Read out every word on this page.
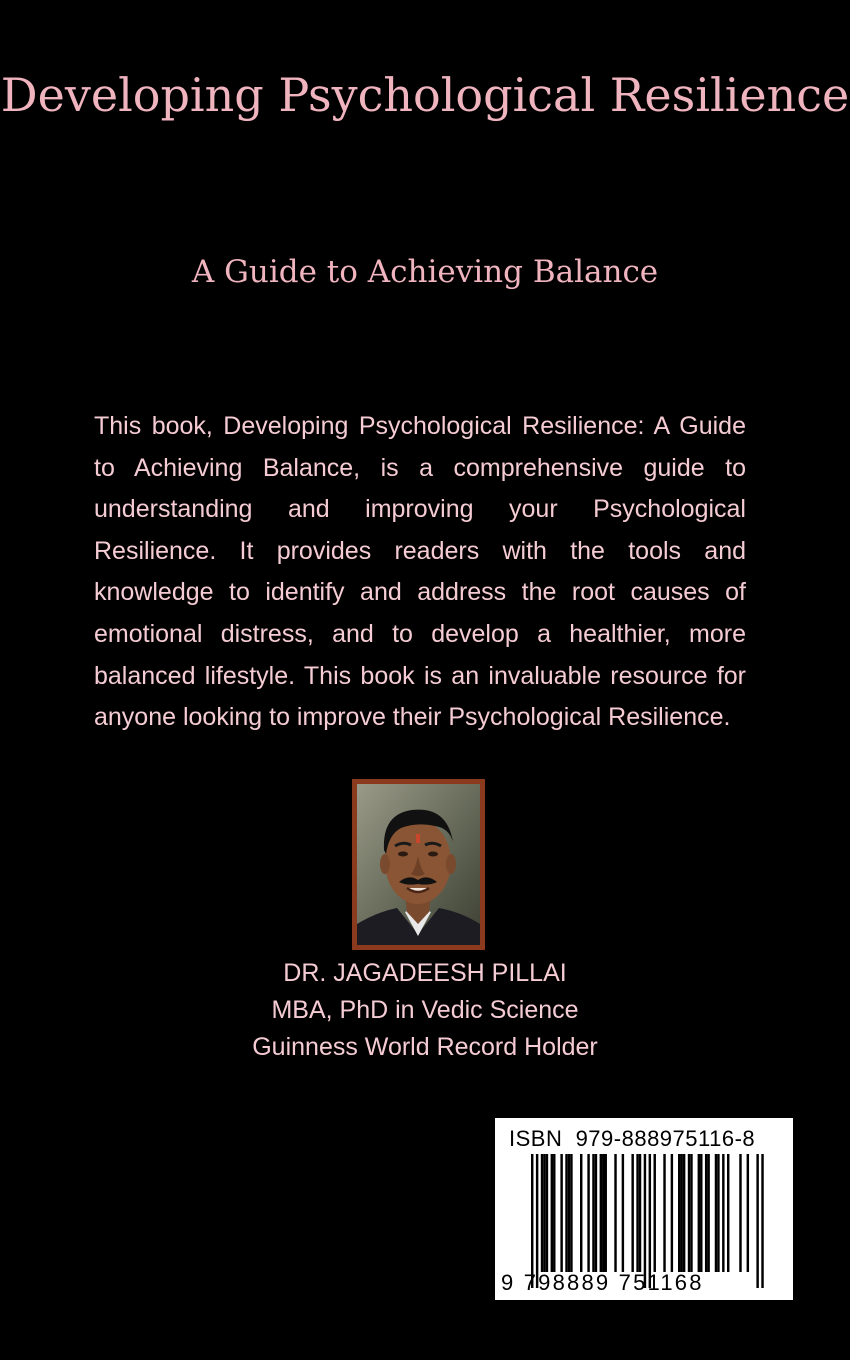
Developing Psychological Resilience
A Guide to Achieving Balance

This book, Developing Psychological Resilience: A Guide to Achieving Balance, is a comprehensive guide to understanding and improving your Psychological Resilience. It provides readers with the tools and knowledge to identify and address the root causes of emotional distress, and to develop a healthier, more balanced lifestyle. This book is an invaluable resource for anyone looking to improve their Psychological Resilience.

DR. JAGADEESH PILLAI
MBA, PhD in Vedic Science
Guinness World Record Holder
ISBN  979-888975116-8
9 798889 751168
